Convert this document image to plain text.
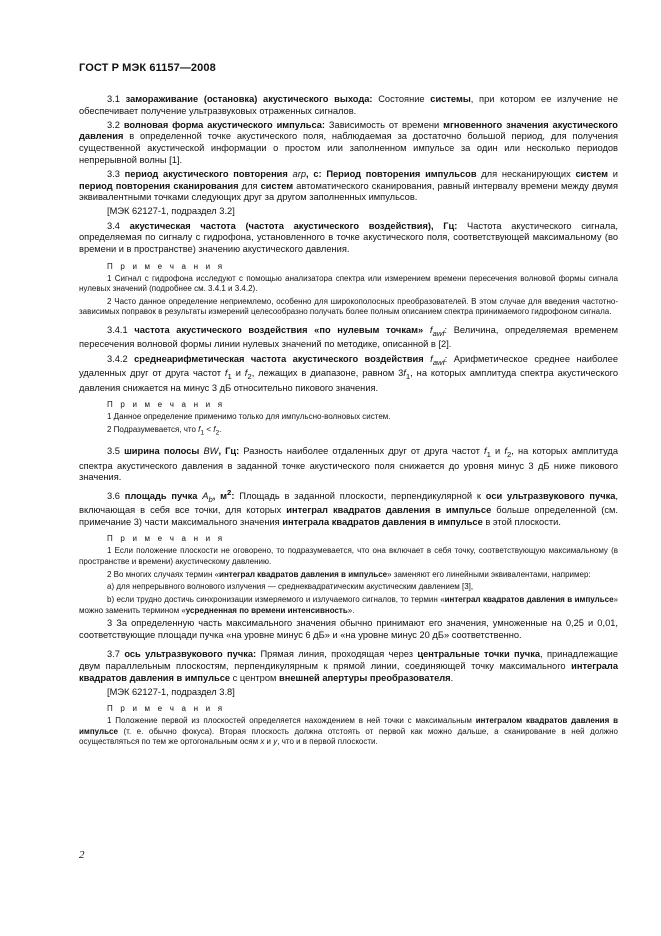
ГОСТ Р МЭК 61157—2008

3.1 замораживание (остановка) акустического выхода: Состояние системы, при котором ее излучение не обеспечивает получение ультразвуковых отраженных сигналов.

3.2 волновая форма акустического импульса: Зависимость от времени мгновенного значения акустического давления в определенной точке акустического поля, наблюдаемая за достаточно большой период, для получения существенной акустической информации о простом или заполненном импульсе за один или несколько периодов непрерывной волны [1].

3.3 период акустического повторения arp, c: Период повторения импульсов для несканирующих систем и период повторения сканирования для систем автоматического сканирования, равный интервалу времени между двумя эквивалентными точками следующих друг за другом заполненных импульсов.

[МЭК 62127-1, подраздел 3.2]

3.4 акустическая частота (частота акустического воздействия), Гц: Частота акустического сигнала, определяемая по сигналу с гидрофона, установленного в точке акустического поля, соответствующей максимальному (во времени и в пространстве) значению акустического давления.

П р и м е ч а н и я

1 Сигнал с гидрофона исследуют с помощью анализатора спектра или измерением времени пересечения волновой формы сигнала нулевых значений (подробнее см. 3.4.1 и 3.4.2).

2 Часто данное определение неприемлемо, особенно для широкополосных преобразователей. В этом случае для введения частотно-зависимых поправок в результаты измерений целесообразно получать более полным описанием спектра принимаемого гидрофоном сигнала.

3.4.1 частота акустического воздействия «по нулевым точкам» $f_{awf}$: Величина, определяемая временем пересечения волновой формы линии нулевых значений по методике, описанной в [2].

3.4.2 среднеарифметическая частота акустического воздействия $f_{awf}$: Арифметическое среднее наиболее удаленных друг от друга частот $f_1$ и $f_2$, лежащих в диапазоне, равном $3f_1$, на которых амплитуда спектра акустического давления снижается на минус 3 дБ относительно пикового значения.

П р и м е ч а н и я

1 Данное определение применимо только для импульсно-волновых систем.

2 Подразумевается, что $f_1 < f_2$.

3.5 ширина полосы BW, Гц: Разность наиболее отдаленных друг от друга частот $f_1$ и $f_2$, на которых амплитуда спектра акустического давления в заданной точке акустического поля снижается до уровня минус 3 дБ ниже пикового значения.

3.6 площадь пучка $A_b$, $м^2$: Площадь в заданной плоскости, перпендикулярной к оси ультразвукового пучка, включающая в себя все точки, для которых интеграл квадратов давления в импульсе больше определенной (см. примечание 3) части максимального значения интеграла квадратов давления в импульсе в этой плоскости.

П р и м е ч а н и я

1 Если положение плоскости не оговорено, то подразумевается, что она включает в себя точку, соответствующую максимальному (в пространстве и времени) акустическому давлению.

2 Во многих случаях термин «интеграл квадратов давления в импульсе» заменяют его линейными эквивалентами, например:

a) для непрерывного волнового излучения — среднеквадратическим акустическим давлением [3],

b) если трудно достичь синхронизации измеряемого и излучаемого сигналов, то термин «интеграл квадратов давления в импульсе» можно заменить термином «усредненная по времени интенсивность».

3 За определенную часть максимального значения обычно принимают его значения, умноженные на 0,25 и 0,01, соответствующие площади пучка «на уровне минус 6 дБ» и «на уровне минус 20 дБ» соответственно.

3.7 ось ультразвукового пучка: Прямая линия, проходящая через центральные точки пучка, принадлежащие двум параллельным плоскостям, перпендикулярным к прямой линии, соединяющей точку максимального интеграла квадратов давления в импульсе с центром внешней апертуры преобразователя.

[МЭК 62127-1, подраздел 3.8]

П р и м е ч а н и я

1 Положение первой из плоскостей определяется нахождением в ней точки с максимальным интегралом квадратов давления в импульсе (т. е. обычно фокуса). Вторая плоскость должна отстоять от первой как можно дальше, а сканирование в ней должно осуществляться по тем же ортогональным осям x и y, что и в первой плоскости.

2
